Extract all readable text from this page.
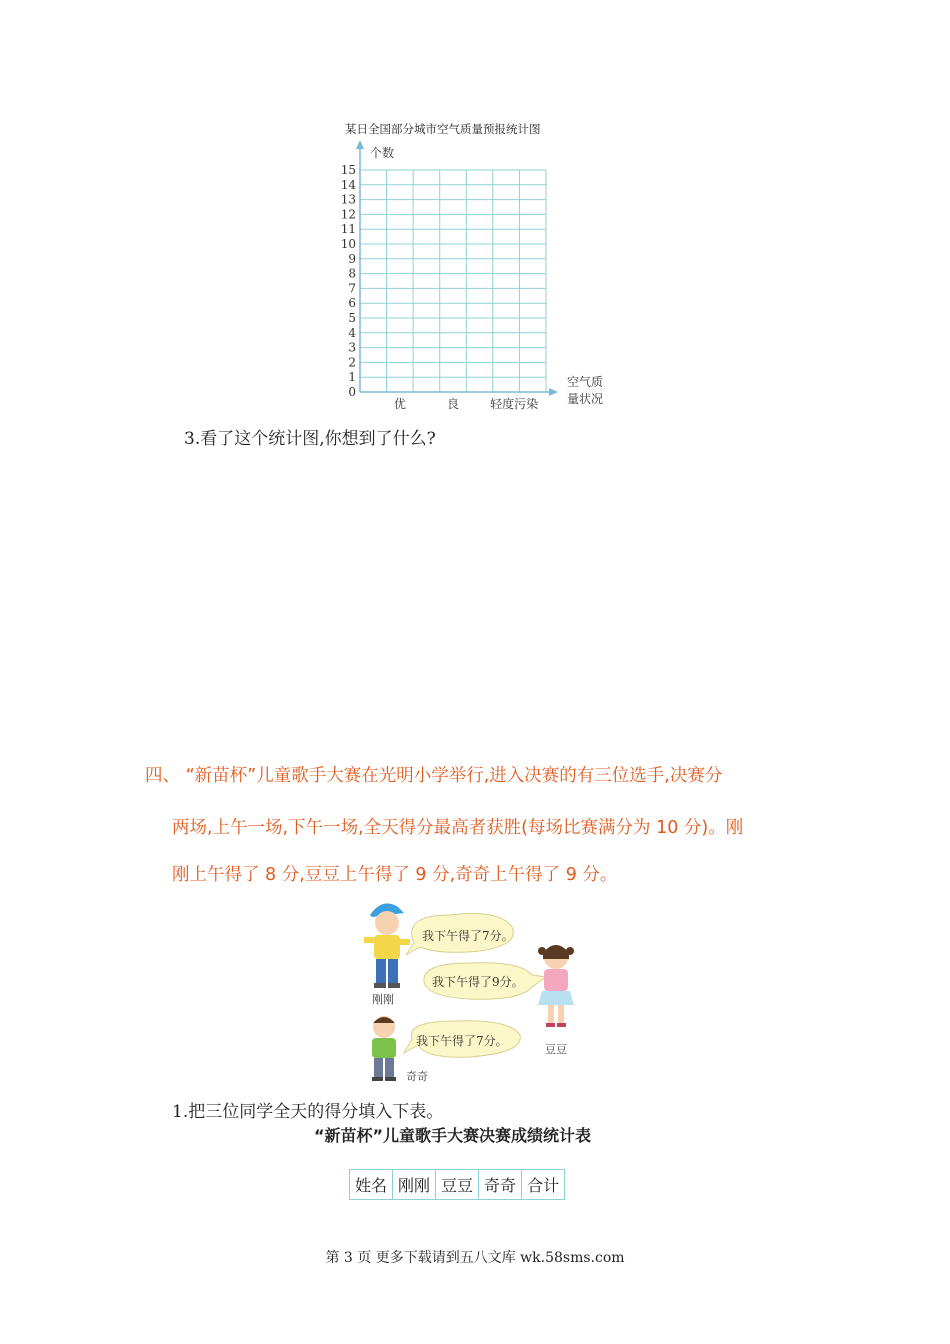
某日全国部分城市空气质量预报统计图
0
1
2
3
4
5
6
7
8
9
10
11
12
13
14
15
优	良	轻度污染
个数
空气质
量状况
3.看了这个统计图,你想到了什么?
四、 “新苗杯”儿童歌手大赛在光明小学举行,进入决赛的有三位选手,决赛分
两场,上午一场,下午一场,全天得分最高者获胜(每场比赛满分为 10 分)。刚
刚上午得了 8 分,豆豆上午得了 9 分,奇奇上午得了 9 分。
刚刚
我下午得了7分。
我下午得了9分。
豆豆
我下午得了7分。
奇奇
1.把三位同学全天的得分填入下表。
“新苗杯”儿童歌手大赛决赛成绩统计表
姓名	刚刚	豆豆	奇奇	合计
第 3 页 更多下载请到五八文库 wk.58sms.com
